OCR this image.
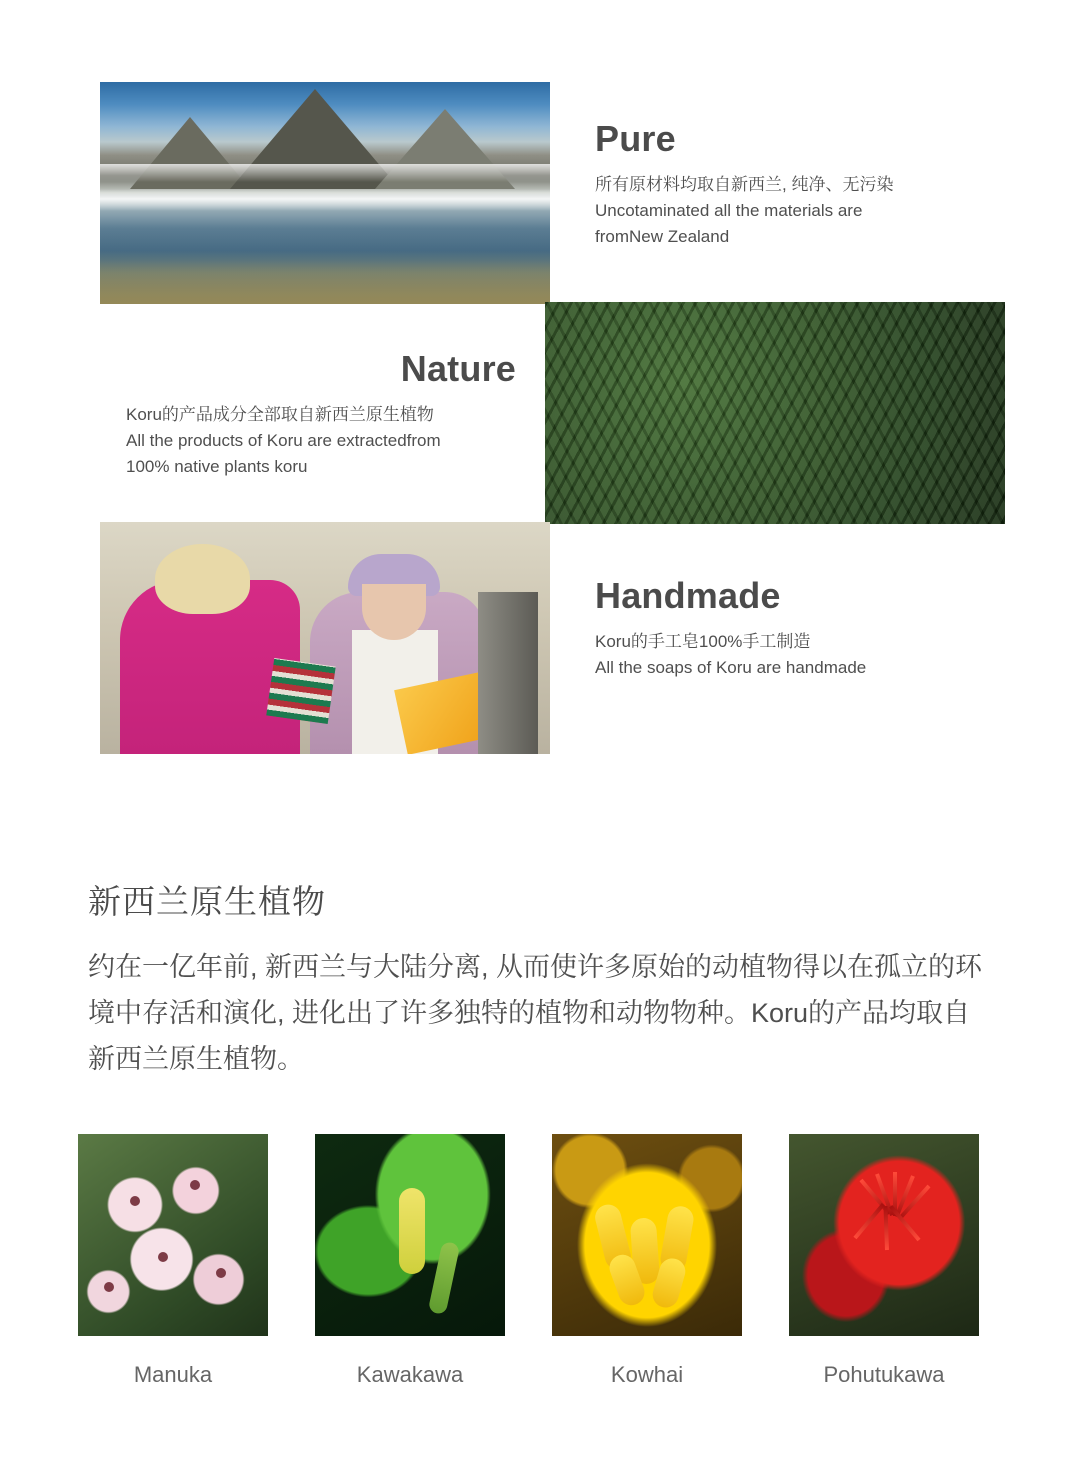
Pure
所有原材料均取自新西兰, 纯净、无污染
Uncotaminated all the materials are
fromNew Zealand
Nature
Koru的产品成分全部取自新西兰原生植物
All the products of Koru are extractedfrom
100% native plants koru
Handmade
Koru的手工皂100%手工制造
All the soaps of Koru are handmade
新西兰原生植物
约在一亿年前, 新西兰与大陆分离, 从而使许多原始的动植物得以在孤立的环境中存活和演化, 进化出了许多独特的植物和动物物种。Koru的产品均取自新西兰原生植物。
Manuka	Kawakawa	Kowhai	Pohutukawa
